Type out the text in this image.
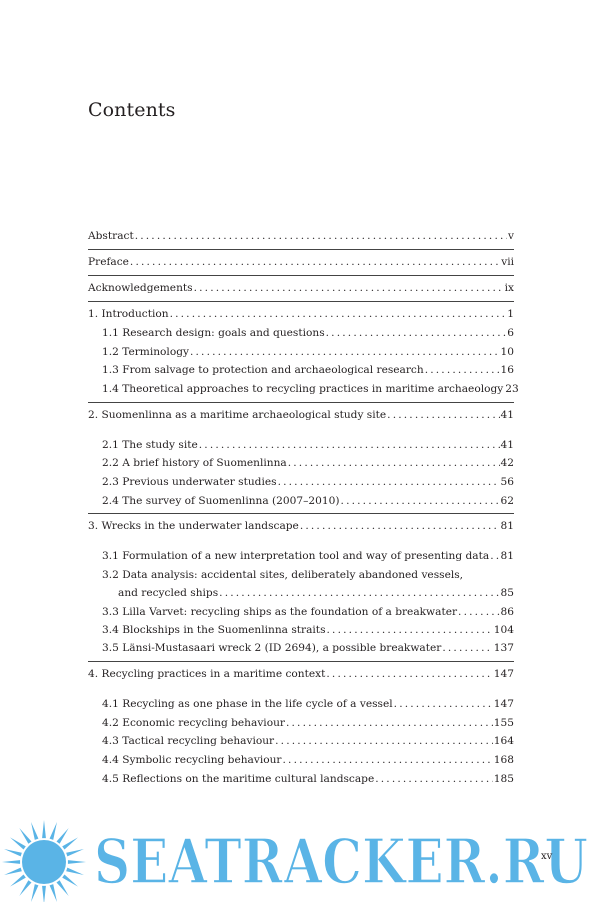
Contents
Abstract . . .	v
Preface . . .	vii
Acknowledgements . . .	ix
1. Introduction . . .	1
1.1 Research design: goals and questions . . .	6
1.2 Terminology . . .	10
1.3 From salvage to protection and archaeological research . . .	16
1.4 Theoretical approaches to recycling practices in maritime archaeology 23
2. Suomenlinna as a maritime archaeological study site . . .	41
2.1 The study site . . .	41
2.2 A brief history of Suomenlinna . . .	42
2.3 Previous underwater studies . . .	56
2.4 The survey of Suomenlinna (2007–2010) . . .	62
3. Wrecks in the underwater landscape . . .	81
3.1 Formulation of a new interpretation tool and way of presenting data . . . 81
3.2 Data analysis: accidental sites, deliberately abandoned vessels,
and recycled ships . . .	85
3.3 Lilla Varvet: recycling ships as the foundation of a breakwater . . .	86
3.4 Blockships in the Suomenlinna straits . . .	104
3.5 Länsi-Mustasaari wreck 2 (ID 2694), a possible breakwater . . .	137
4. Recycling practices in a maritime context . . .	147
4.1 Recycling as one phase in the life cycle of a vessel . . .	147
4.2 Economic recycling behaviour . . .	155
4.3 Tactical recycling behaviour . . .	164
4.4 Symbolic recycling behaviour . . .	168
4.5 Reflections on the maritime cultural landscape . . .	185
SEATRACKER.RU
xv
